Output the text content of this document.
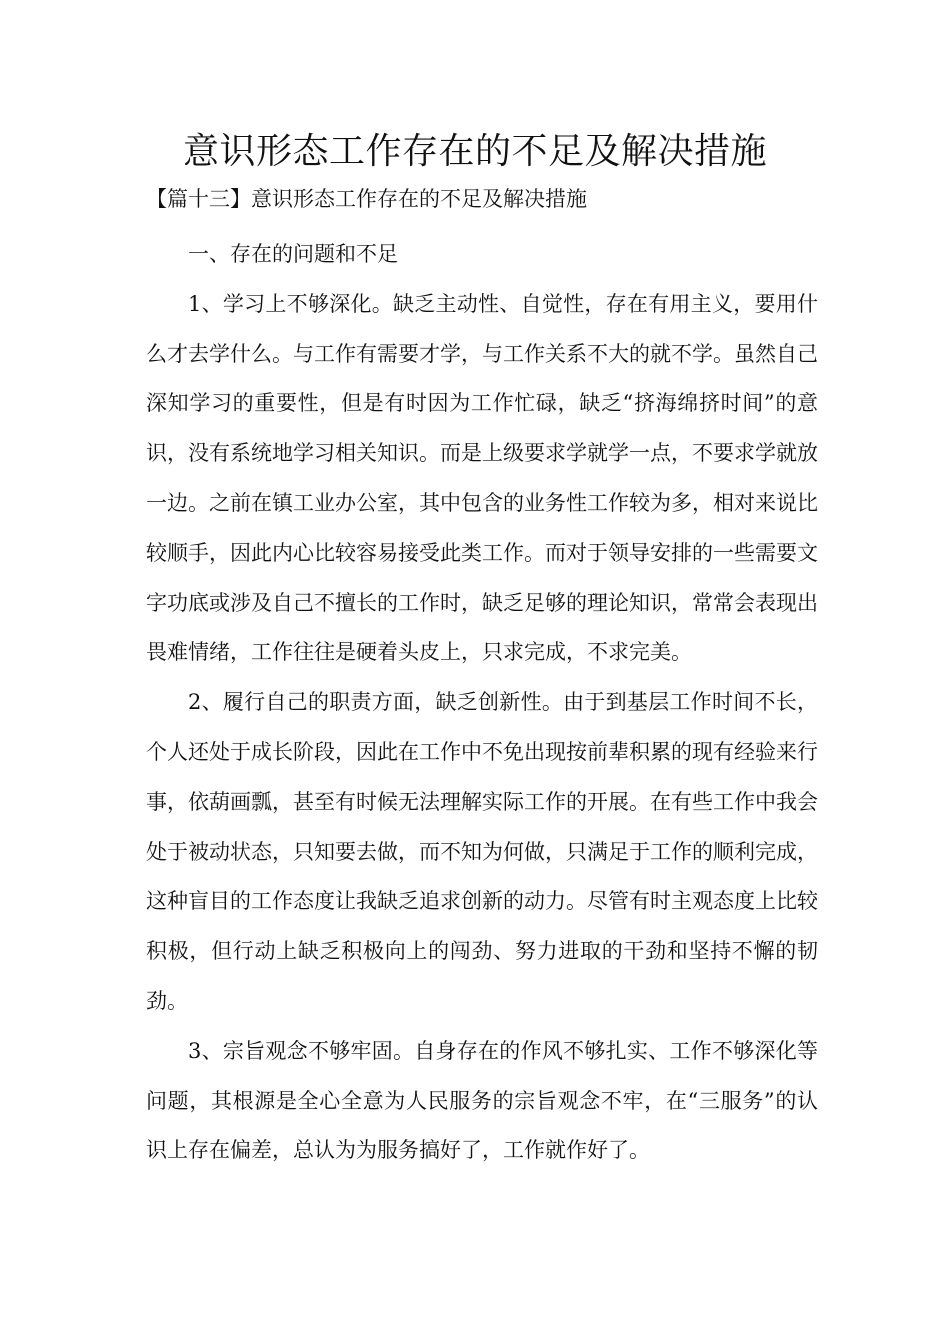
意识形态工作存在的不足及解决措施
【篇十三】意识形态工作存在的不足及解决措施

一、存在的问题和不足

1、学习上不够深化。缺乏主动性、自觉性，存在有用主义，要用什么才去学什么。与工作有需要才学，与工作关系不大的就不学。虽然自己深知学习的重要性，但是有时因为工作忙碌，缺乏“挤海绵挤时间”的意识，没有系统地学习相关知识。而是上级要求学就学一点，不要求学就放一边。之前在镇工业办公室，其中包含的业务性工作较为多，相对来说比较顺手，因此内心比较容易接受此类工作。而对于领导安排的一些需要文字功底或涉及自己不擅长的工作时，缺乏足够的理论知识，常常会表现出畏难情绪，工作往往是硬着头皮上，只求完成，不求完美。

2、履行自己的职责方面，缺乏创新性。由于到基层工作时间不长，个人还处于成长阶段，因此在工作中不免出现按前辈积累的现有经验来行事，依葫画瓢，甚至有时候无法理解实际工作的开展。在有些工作中我会处于被动状态，只知要去做，而不知为何做，只满足于工作的顺利完成，这种盲目的工作态度让我缺乏追求创新的动力。尽管有时主观态度上比较积极，但行动上缺乏积极向上的闯劲、努力进取的干劲和坚持不懈的韧劲。

3、宗旨观念不够牢固。自身存在的作风不够扎实、工作不够深化等问题，其根源是全心全意为人民服务的宗旨观念不牢，在“三服务”的认识上存在偏差，总认为为服务搞好了，工作就作好了。
